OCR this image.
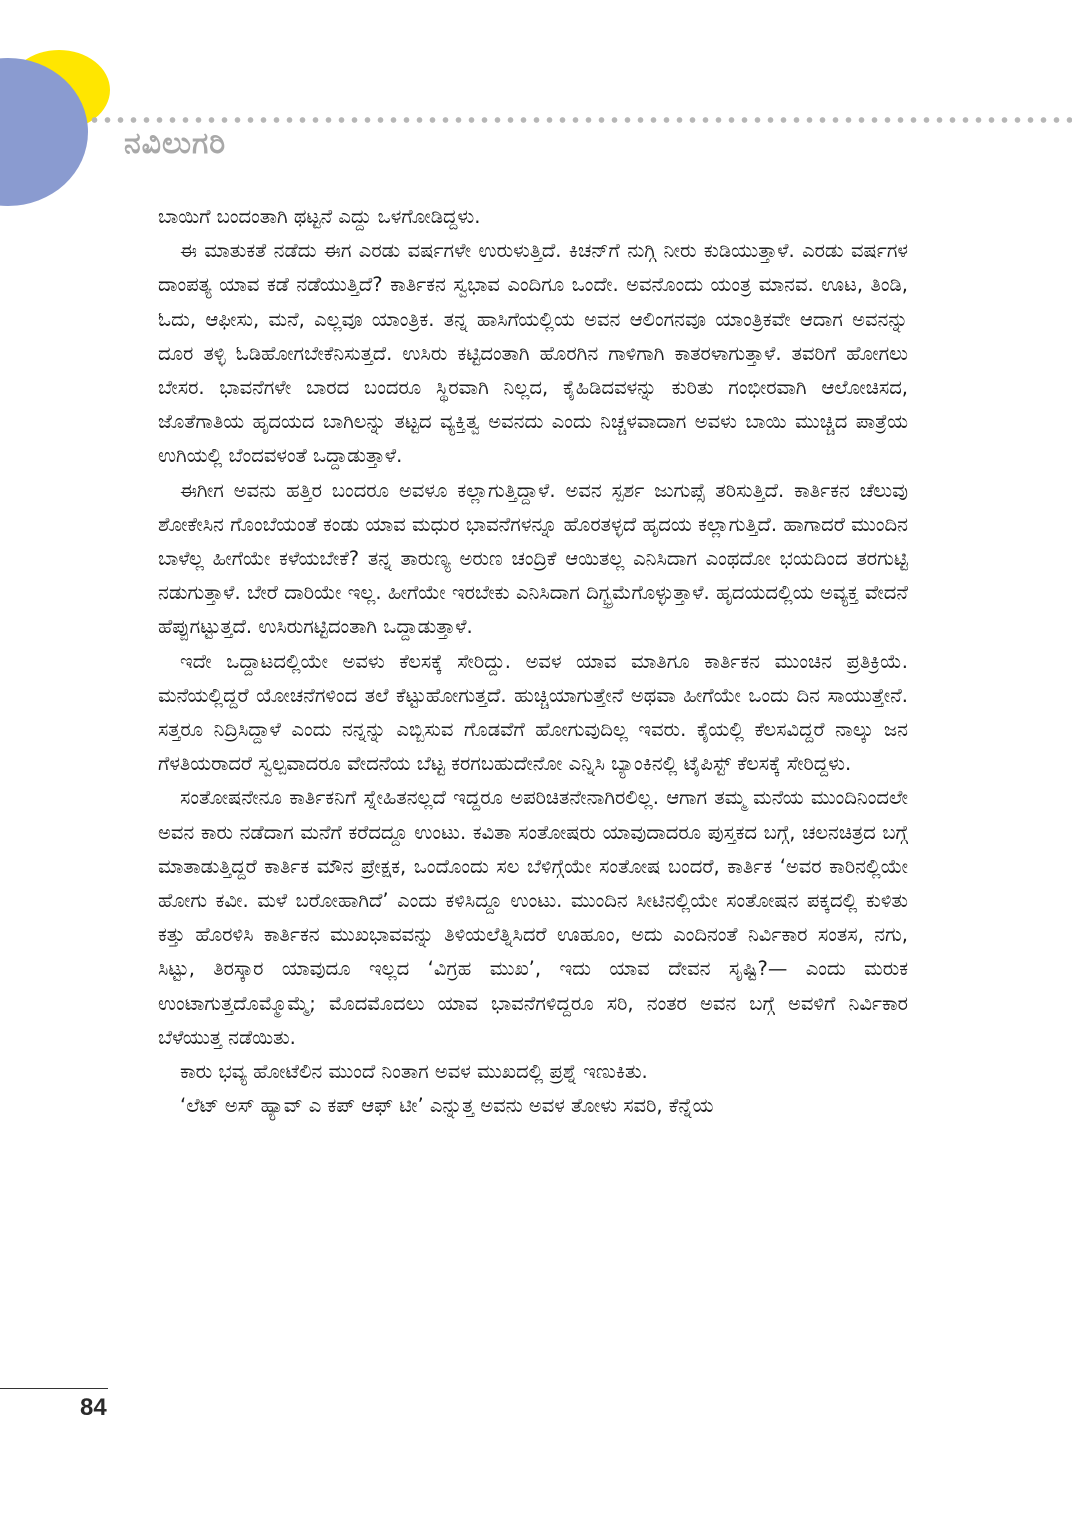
ನವಿಲುಗರಿ

ಬಾಯಿಗೆ ಬಂದಂತಾಗಿ ಥಟ್ಟನೆ ಎದ್ದು ಒಳಗೋಡಿದ್ದಳು.

ಈ ಮಾತುಕತೆ ನಡೆದು ಈಗ ಎರಡು ವರ್ಷಗಳೇ ಉರುಳುತ್ತಿದೆ. ಕಿಚನ್‌ಗೆ ನುಗ್ಗಿ ನೀರು ಕುಡಿಯುತ್ತಾಳೆ. ಎರಡು ವರ್ಷಗಳ ದಾಂಪತ್ಯ ಯಾವ ಕಡೆ ನಡೆಯುತ್ತಿದೆ? ಕಾರ್ತಿಕನ ಸ್ವಭಾವ ಎಂದಿಗೂ ಒಂದೇ. ಅವನೊಂದು ಯಂತ್ರ ಮಾನವ. ಊಟ, ತಿಂಡಿ, ಓದು, ಆಫೀಸು, ಮನೆ, ಎಲ್ಲವೂ ಯಾಂತ್ರಿಕ. ತನ್ನ ಹಾಸಿಗೆಯಲ್ಲಿಯ ಅವನ ಆಲಿಂಗನವೂ ಯಾಂತ್ರಿಕವೇ ಆದಾಗ ಅವನನ್ನು ದೂರ ತಳ್ಳಿ ಓಡಿಹೋಗಬೇಕೆನಿಸುತ್ತದೆ. ಉಸಿರು ಕಟ್ಟಿದಂತಾಗಿ ಹೊರಗಿನ ಗಾಳಿಗಾಗಿ ಕಾತರಳಾಗುತ್ತಾಳೆ. ತವರಿಗೆ ಹೋಗಲು ಬೇಸರ. ಭಾವನೆಗಳೇ ಬಾರದ ಬಂದರೂ ಸ್ಥಿರವಾಗಿ ನಿಲ್ಲದ, ಕೈಹಿಡಿದವಳನ್ನು ಕುರಿತು ಗಂಭೀರವಾಗಿ ಆಲೋಚಿಸದ, ಜೊತೆಗಾತಿಯ ಹೃದಯದ ಬಾಗಿಲನ್ನು ತಟ್ಟದ ವ್ಯಕ್ತಿತ್ವ ಅವನದು ಎಂದು ನಿಚ್ಚಳವಾದಾಗ ಅವಳು ಬಾಯಿ ಮುಚ್ಚಿದ ಪಾತ್ರೆಯ ಉಗಿಯಲ್ಲಿ ಬೆಂದವಳಂತೆ ಒದ್ದಾಡುತ್ತಾಳೆ.

ಈಗೀಗ ಅವನು ಹತ್ತಿರ ಬಂದರೂ ಅವಳೂ ಕಲ್ಲಾಗುತ್ತಿದ್ದಾಳೆ. ಅವನ ಸ್ಪರ್ಶ ಜುಗುಪ್ಸೆ ತರಿಸುತ್ತಿದೆ. ಕಾರ್ತಿಕನ ಚೆಲುವು ಶೋಕೇಸಿನ ಗೊಂಬೆಯಂತೆ ಕಂಡು ಯಾವ ಮಧುರ ಭಾವನೆಗಳನ್ನೂ ಹೊರತಳ್ಳದೆ ಹೃದಯ ಕಲ್ಲಾಗುತ್ತಿದೆ. ಹಾಗಾದರೆ ಮುಂದಿನ ಬಾಳೆಲ್ಲ ಹೀಗೆಯೇ ಕಳೆಯಬೇಕೆ? ತನ್ನ ತಾರುಣ್ಯ ಅರುಣ ಚಂದ್ರಿಕೆ ಆಯಿತಲ್ಲ ಎನಿಸಿದಾಗ ಎಂಥದೋ ಭಯದಿಂದ ತರಗುಟ್ಟಿ ನಡುಗುತ್ತಾಳೆ. ಬೇರೆ ದಾರಿಯೇ ಇಲ್ಲ. ಹೀಗೆಯೇ ಇರಬೇಕು ಎನಿಸಿದಾಗ ದಿಗ್ಭ್ರಮೆಗೊಳ್ಳುತ್ತಾಳೆ. ಹೃದಯದಲ್ಲಿಯ ಅವ್ಯಕ್ತ ವೇದನೆ ಹೆಪ್ಪುಗಟ್ಟುತ್ತದೆ. ಉಸಿರುಗಟ್ಟಿದಂತಾಗಿ ಒದ್ದಾಡುತ್ತಾಳೆ.

ಇದೇ ಒದ್ದಾಟದಲ್ಲಿಯೇ ಅವಳು ಕೆಲಸಕ್ಕೆ ಸೇರಿದ್ದು. ಅವಳ ಯಾವ ಮಾತಿಗೂ ಕಾರ್ತಿಕನ ಮುಂಚಿನ ಪ್ರತಿಕ್ರಿಯೆ. ಮನೆಯಲ್ಲಿದ್ದರೆ ಯೋಚನೆಗಳಿಂದ ತಲೆ ಕೆಟ್ಟುಹೋಗುತ್ತದೆ. ಹುಚ್ಚಿಯಾಗುತ್ತೇನೆ ಅಥವಾ ಹೀಗೆಯೇ ಒಂದು ದಿನ ಸಾಯುತ್ತೇನೆ. ಸತ್ತರೂ ನಿದ್ರಿಸಿದ್ದಾಳೆ ಎಂದು ನನ್ನನ್ನು ಎಬ್ಬಿಸುವ ಗೊಡವೆಗೆ ಹೋಗುವುದಿಲ್ಲ ಇವರು. ಕೈಯಲ್ಲಿ ಕೆಲಸವಿದ್ದರೆ ನಾಲ್ಕು ಜನ ಗೆಳತಿಯರಾದರೆ ಸ್ವಲ್ಪವಾದರೂ ವೇದನೆಯ ಬೆಟ್ಟ ಕರಗಬಹುದೇನೋ ಎನ್ನಿಸಿ ಬ್ಯಾಂಕಿನಲ್ಲಿ ಟೈಪಿಸ್ಟ್ ಕೆಲಸಕ್ಕೆ ಸೇರಿದ್ದಳು.

ಸಂತೋಷನೇನೂ ಕಾರ್ತಿಕನಿಗೆ ಸ್ನೇಹಿತನಲ್ಲದೆ ಇದ್ದರೂ ಅಪರಿಚಿತನೇನಾಗಿರಲಿಲ್ಲ. ಆಗಾಗ ತಮ್ಮ ಮನೆಯ ಮುಂದಿನಿಂದಲೇ ಅವನ ಕಾರು ನಡೆದಾಗ ಮನೆಗೆ ಕರೆದದ್ದೂ ಉಂಟು. ಕವಿತಾ ಸಂತೋಷರು ಯಾವುದಾದರೂ ಪುಸ್ತಕದ ಬಗ್ಗೆ, ಚಲನಚಿತ್ರದ ಬಗ್ಗೆ ಮಾತಾಡುತ್ತಿದ್ದರೆ ಕಾರ್ತಿಕ ಮೌನ ಪ್ರೇಕ್ಷಕ, ಒಂದೊಂದು ಸಲ ಬೆಳಿಗ್ಗೆಯೇ ಸಂತೋಷ ಬಂದರೆ, ಕಾರ್ತಿಕ ‘ಅವರ ಕಾರಿನಲ್ಲಿಯೇ ಹೋಗು ಕವೀ. ಮಳೆ ಬರೋಹಾಗಿದೆ’ ಎಂದು ಕಳಿಸಿದ್ದೂ ಉಂಟು. ಮುಂದಿನ ಸೀಟಿನಲ್ಲಿಯೇ ಸಂತೋಷನ ಪಕ್ಕದಲ್ಲಿ ಕುಳಿತು ಕತ್ತು ಹೊರಳಿಸಿ ಕಾರ್ತಿಕನ ಮುಖಭಾವವನ್ನು ತಿಳಿಯಲೆತ್ನಿಸಿದರೆ ಊಹೂಂ, ಅದು ಎಂದಿನಂತೆ ನಿರ್ವಿಕಾರ ಸಂತಸ, ನಗು, ಸಿಟ್ಟು, ತಿರಸ್ಕಾರ ಯಾವುದೂ ಇಲ್ಲದ ‘ವಿಗ್ರಹ ಮುಖ’, ಇದು ಯಾವ ದೇವನ ಸೃಷ್ಟಿ?— ಎಂದು ಮರುಕ ಉಂಟಾಗುತ್ತದೊಮ್ಮೊಮ್ಮೆ; ಮೊದಮೊದಲು ಯಾವ ಭಾವನೆಗಳಿದ್ದರೂ ಸರಿ, ನಂತರ ಅವನ ಬಗ್ಗೆ ಅವಳಿಗೆ ನಿರ್ವಿಕಾರ ಬೆಳೆಯುತ್ತ ನಡೆಯಿತು.

ಕಾರು ಭವ್ಯ ಹೋಟೆಲಿನ ಮುಂದೆ ನಿಂತಾಗ ಅವಳ ಮುಖದಲ್ಲಿ ಪ್ರಶ್ನೆ ಇಣುಕಿತು.

‘ಲೆಟ್ ಅಸ್ ಹ್ಯಾವ್ ಎ ಕಪ್ ಆಫ್ ಟೀ’ ಎನ್ನುತ್ತ ಅವನು ಅವಳ ತೋಳು ಸವರಿ, ಕೆನ್ನೆಯ

84
